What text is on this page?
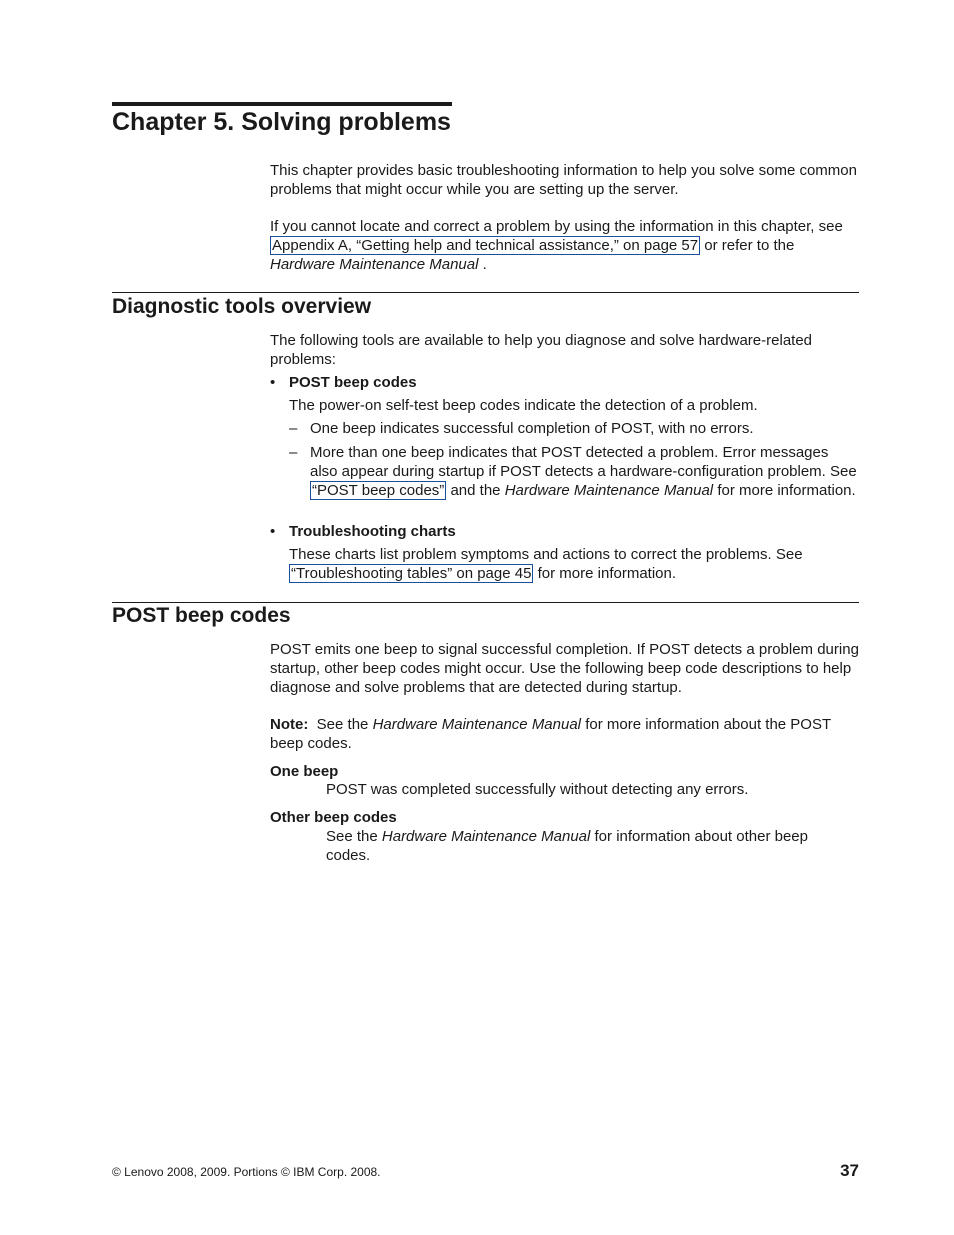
Chapter 5. Solving problems

This chapter provides basic troubleshooting information to help you solve some common problems that might occur while you are setting up the server.

If you cannot locate and correct a problem by using the information in this chapter, see Appendix A, “Getting help and technical assistance,” on page 57 or refer to the Hardware Maintenance Manual .

Diagnostic tools overview

The following tools are available to help you diagnose and solve hardware-related problems:

• POST beep codes

The power-on self-test beep codes indicate the detection of a problem.

– One beep indicates successful completion of POST, with no errors.

– More than one beep indicates that POST detected a problem. Error messages also appear during startup if POST detects a hardware-configuration problem. See “POST beep codes” and the Hardware Maintenance Manual for more information.

• Troubleshooting charts

These charts list problem symptoms and actions to correct the problems. See “Troubleshooting tables” on page 45 for more information.

POST beep codes

POST emits one beep to signal successful completion. If POST detects a problem during startup, other beep codes might occur. Use the following beep code descriptions to help diagnose and solve problems that are detected during startup.

Note: See the Hardware Maintenance Manual for more information about the POST beep codes.

One beep

POST was completed successfully without detecting any errors.

Other beep codes

See the Hardware Maintenance Manual for information about other beep codes.

© Lenovo 2008, 2009. Portions © IBM Corp. 2008.	37
